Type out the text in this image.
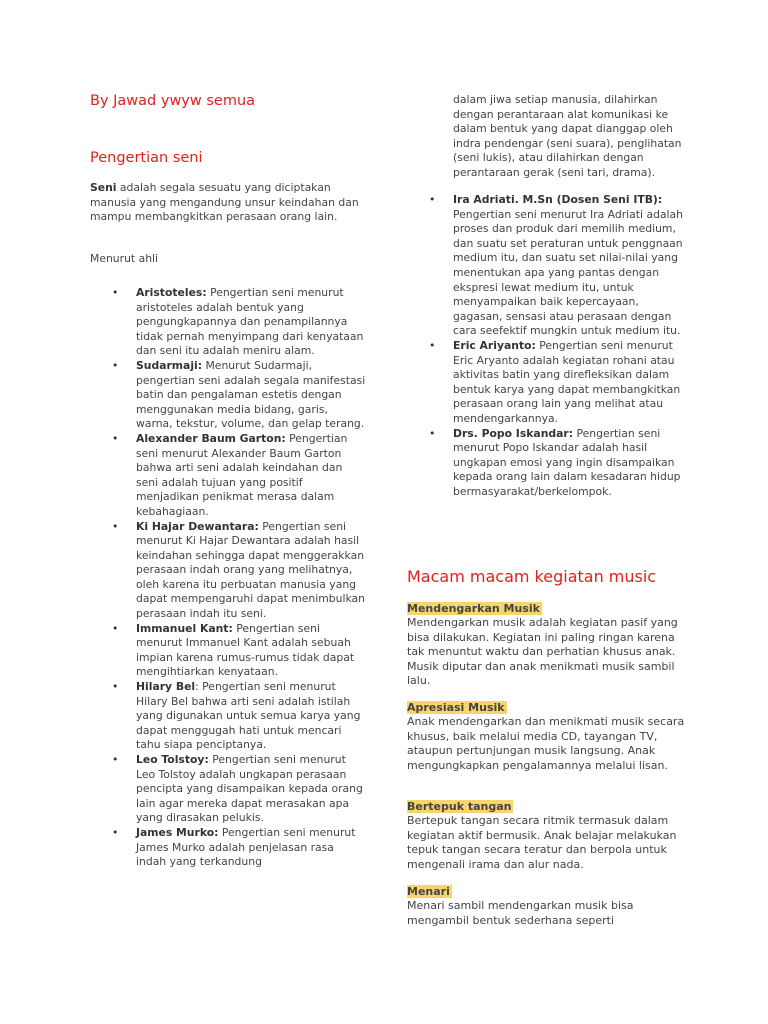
By Jawad ywyw semua
Pengertian seni

Seni adalah segala sesuatu yang diciptakan manusia yang mengandung unsur keindahan dan mampu membangkitkan perasaan orang lain.

Menurut ahli

• Aristoteles: Pengertian seni menurut aristoteles adalah bentuk yang pengungkapannya dan penampilannya tidak pernah menyimpang dari kenyataan dan seni itu adalah meniru alam.
• Sudarmaji: Menurut Sudarmaji, pengertian seni adalah segala manifestasi batin dan pengalaman estetis dengan menggunakan media bidang, garis, warna, tekstur, volume, dan gelap terang.
• Alexander Baum Garton: Pengertian seni menurut Alexander Baum Garton bahwa arti seni adalah keindahan dan seni adalah tujuan yang positif menjadikan penikmat merasa dalam kebahagiaan.
• Ki Hajar Dewantara: Pengertian seni menurut Ki Hajar Dewantara adalah hasil keindahan sehingga dapat menggerakkan perasaan indah orang yang melihatnya, oleh karena itu perbuatan manusia yang dapat mempengaruhi dapat menimbulkan perasaan indah itu seni.
• Immanuel Kant: Pengertian seni menurut Immanuel Kant adalah sebuah impian karena rumus-rumus tidak dapat mengihtiarkan kenyataan.
• Hilary Bel: Pengertian seni menurut Hilary Bel bahwa arti seni adalah istilah yang digunakan untuk semua karya yang dapat menggugah hati untuk mencari tahu siapa penciptanya.
• Leo Tolstoy: Pengertian seni menurut Leo Tolstoy adalah ungkapan perasaan pencipta yang disampaikan kepada orang lain agar mereka dapat merasakan apa yang dirasakan pelukis.
• James Murko: Pengertian seni menurut James Murko adalah penjelasan rasa indah yang terkandung

dalam jiwa setiap manusia, dilahirkan dengan perantaraan alat komunikasi ke dalam bentuk yang dapat dianggap oleh indra pendengar (seni suara), penglihatan (seni lukis), atau dilahirkan dengan perantaraan gerak (seni tari, drama).

• Ira Adriati. M.Sn (Dosen Seni ITB): Pengertian seni menurut Ira Adriati adalah proses dan produk dari memilih medium, dan suatu set peraturan untuk penggnaan medium itu, dan suatu set nilai-nilai yang menentukan apa yang pantas dengan ekspresi lewat medium itu, untuk menyampaikan baik kepercayaan, gagasan, sensasi atau perasaan dengan cara seefektif mungkin untuk medium itu.
• Eric Ariyanto: Pengertian seni menurut Eric Aryanto adalah kegiatan rohani atau aktivitas batin yang direfleksikan dalam bentuk karya yang dapat membangkitkan perasaan orang lain yang melihat atau mendengarkannya.
• Drs. Popo Iskandar: Pengertian seni menurut Popo Iskandar adalah hasil ungkapan emosi yang ingin disampaikan kepada orang lain dalam kesadaran hidup bermasyarakat/berkelompok.
Macam macam kegiatan music
Mendengarkan Musik

Mendengarkan musik adalah kegiatan pasif yang bisa dilakukan. Kegiatan ini paling ringan karena tak menuntut waktu dan perhatian khusus anak. Musik diputar dan anak menikmati musik sambil lalu.

Apresiasi Musik

Anak mendengarkan dan menikmati musik secara khusus, baik melalui media CD, tayangan TV, ataupun pertunjungan musik langsung. Anak mengungkapkan pengalamannya melalui lisan.

Bertepuk tangan

Bertepuk tangan secara ritmik termasuk dalam kegiatan aktif bermusik. Anak belajar melakukan tepuk tangan secara teratur dan berpola untuk mengenali irama dan alur nada.

Menari

Menari sambil mendengarkan musik bisa mengambil bentuk sederhana seperti
